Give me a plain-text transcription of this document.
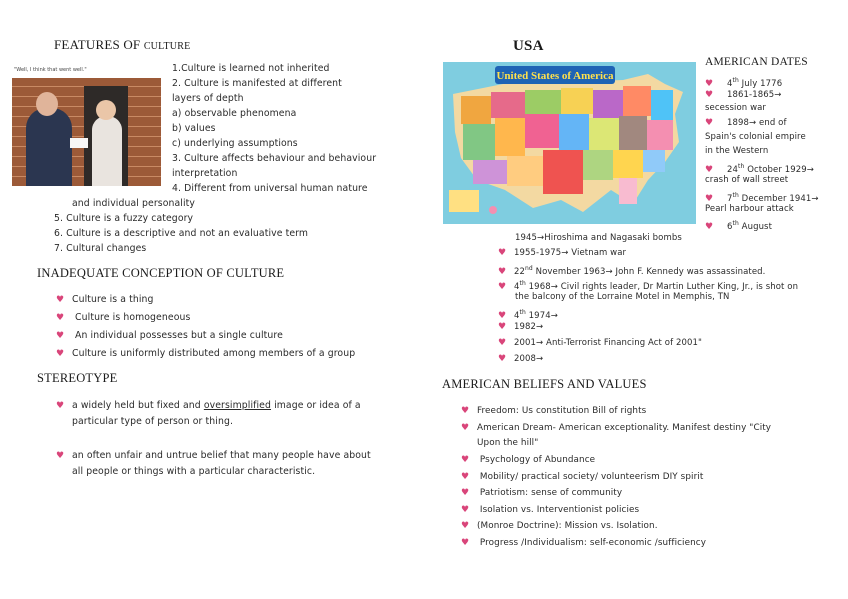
FEATURES OF CULTURE
"Well, I think that went well."	1.Culture is learned not inherited
2. Culture is manifested at different
layers of depth
a) observable phenomena
b) values
c) underlying assumptions
3. Culture affects behaviour and behaviour
interpretation
4. Different from universal human nature
and individual personality
5. Culture is a fuzzy category
6. Culture is a descriptive and not an evaluative term
7. Cultural changes
INADEQUATE CONCEPTION OF CULTURE
♥ Culture is a thing
♥ Culture is homogeneous
♥ An individual possesses but a single culture
♥ Culture is uniformly distributed among members of a group
STEREOTYPE
♥ a widely held but fixed and oversimplified image or idea of a
particular type of person or thing.
♥ an often unfair and untrue belief that many people have about
all people or things with a particular characteristic.
USA
United States of America
AMERICAN DATES
♥ 4th July 1776
♥ 1861-1865→
secession war
♥ 1898→ end of
Spain's colonial empire
in the Western
♥ 24th October 1929→
crash of wall street
♥ 7th December 1941→
Pearl harbour attack
♥ 6th August
1945→Hiroshima and Nagasaki bombs
♥ 1955-1975→ Vietnam war
♥ 22nd November 1963→ John F. Kennedy was assassinated.
♥ 4th 1968→ Civil rights leader, Dr Martin Luther King, Jr., is shot on
the balcony of the Lorraine Motel in Memphis, TN
♥ 4th 1974→
♥ 1982→
♥ 2001→ Anti-Terrorist Financing Act of 2001"
♥ 2008→
AMERICAN BELIEFS AND VALUES
♥ Freedom: Us constitution Bill of rights
♥ American Dream- American exceptionality. Manifest destiny "City
Upon the hill"
♥ Psychology of Abundance
♥ Mobility/ practical society/ volunteerism DIY spirit
♥ Patriotism: sense of community
♥ Isolation vs. Interventionist policies
♥ (Monroe Doctrine): Mission vs. Isolation.
♥ Progress /Individualism: self-economic /sufficiency
